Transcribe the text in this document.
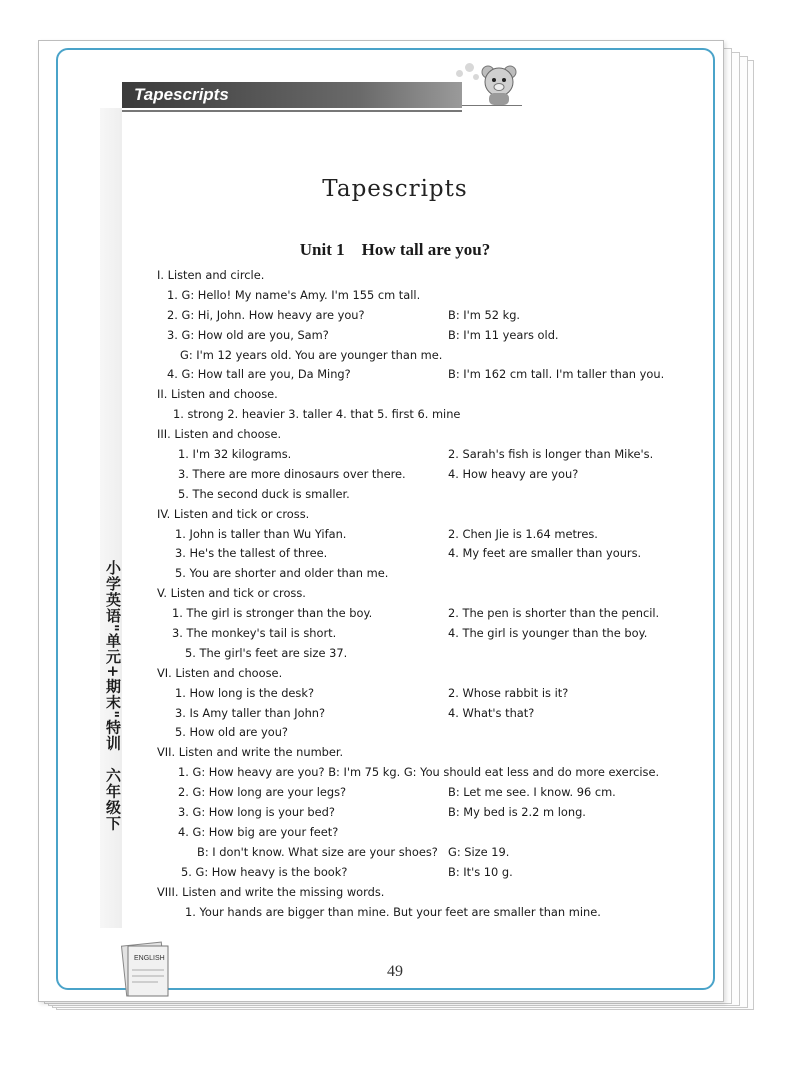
小学英语"单元+期末"特训　六年级下
Tapescripts
Tapescripts
Unit 1　How tall are you?
I. Listen and circle.
1. G: Hello! My name's Amy. I'm 155 cm tall.
2. G: Hi, John. How heavy are you?	B: I'm 52 kg.
3. G: How old are you, Sam?	B: I'm 11 years old.
G: I'm 12 years old. You are younger than me.
4. G: How tall are you, Da Ming?	B: I'm 162 cm tall. I'm taller than you.
II. Listen and choose.
1. strong 2. heavier 3. taller 4. that 5. first 6. mine
III. Listen and choose.
1. I'm 32 kilograms.	2. Sarah's fish is longer than Mike's.
3. There are more dinosaurs over there.	4. How heavy are you?
5. The second duck is smaller.
IV. Listen and tick or cross.
1. John is taller than Wu Yifan.	2. Chen Jie is 1.64 metres.
3. He's the tallest of three.	4. My feet are smaller than yours.
5. You are shorter and older than me.
V. Listen and tick or cross.
1. The girl is stronger than the boy.	2. The pen is shorter than the pencil.
3. The monkey's tail is short.	4. The girl is younger than the boy.
5. The girl's feet are size 37.
VI. Listen and choose.
1. How long is the desk?	2. Whose rabbit is it?
3. Is Amy taller than John?	4. What's that?
5. How old are you?
VII. Listen and write the number.
1. G: How heavy are you? B: I'm 75 kg. G: You should eat less and do more exercise.
2. G: How long are your legs?	B: Let me see. I know. 96 cm.
3. G: How long is your bed?	B: My bed is 2.2 m long.
4. G: How big are your feet?
B: I don't know. What size are your shoes? G: Size 19.
5. G: How heavy is the book?	B: It's 10 g.
VIII. Listen and write the missing words.
1. Your hands are bigger than mine. But your feet are smaller than mine.
ENGLISH
49
